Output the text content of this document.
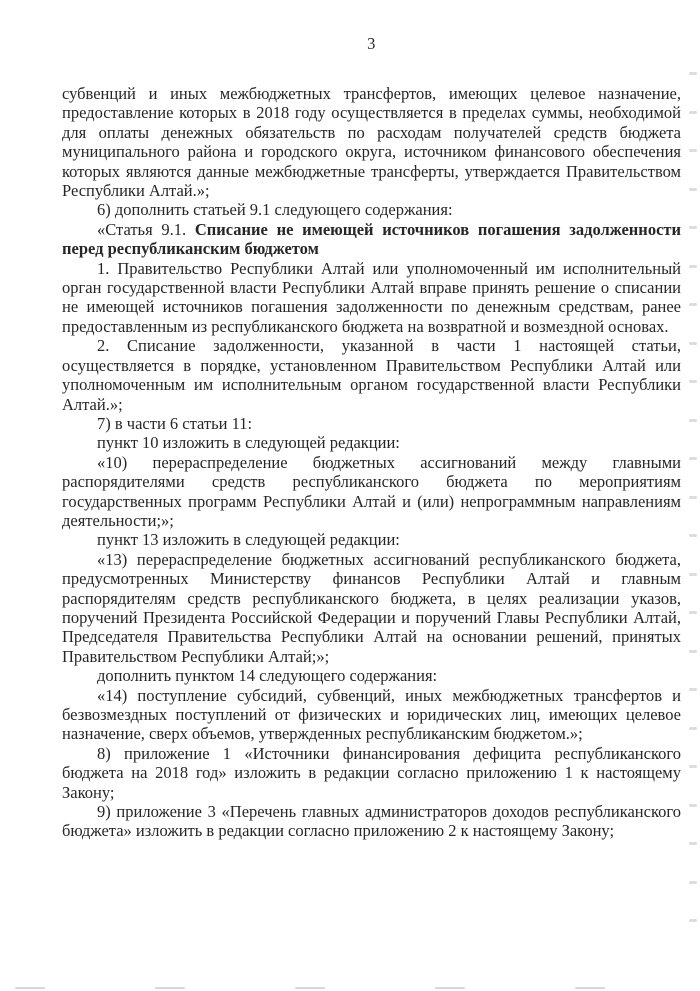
3

субвенций и иных межбюджетных трансфертов, имеющих целевое назначение, предоставление которых в 2018 году осуществляется в пределах суммы, необходимой для оплаты денежных обязательств по расходам получателей средств бюджета муниципального района и городского округа, источником финансового обеспечения которых являются данные межбюджетные трансферты, утверждается Правительством Республики Алтай.»;

6) дополнить статьей 9.1 следующего содержания:

«Статья 9.1. Списание не имеющей источников погашения задолженности перед республиканским бюджетом

1. Правительство Республики Алтай или уполномоченный им исполнительный орган государственной власти Республики Алтай вправе принять решение о списании не имеющей источников погашения задолженности по денежным средствам, ранее предоставленным из республиканского бюджета на возвратной и возмездной основах.

2. Списание задолженности, указанной в части 1 настоящей статьи, осуществляется в порядке, установленном Правительством Республики Алтай или уполномоченным им исполнительным органом государственной власти Республики Алтай.»;

7) в части 6 статьи 11:

пункт 10 изложить в следующей редакции:

«10) перераспределение бюджетных ассигнований между главными распорядителями средств республиканского бюджета по мероприятиям государственных программ Республики Алтай и (или) непрограммным направлениям деятельности;»;

пункт 13 изложить в следующей редакции:

«13) перераспределение бюджетных ассигнований республиканского бюджета, предусмотренных Министерству финансов Республики Алтай и главным распорядителям средств республиканского бюджета, в целях реализации указов, поручений Президента Российской Федерации и поручений Главы Республики Алтай, Председателя Правительства Республики Алтай на основании решений, принятых Правительством Республики Алтай;»;

дополнить пунктом 14 следующего содержания:

«14) поступление субсидий, субвенций, иных межбюджетных трансфертов и безвозмездных поступлений от физических и юридических лиц, имеющих целевое назначение, сверх объемов, утвержденных республиканским бюджетом.»;

8) приложение 1 «Источники финансирования дефицита республиканского бюджета на 2018 год» изложить в редакции согласно приложению 1 к настоящему Закону;

9) приложение 3 «Перечень главных администраторов доходов республиканского бюджета» изложить в редакции согласно приложению 2 к настоящему Закону;
